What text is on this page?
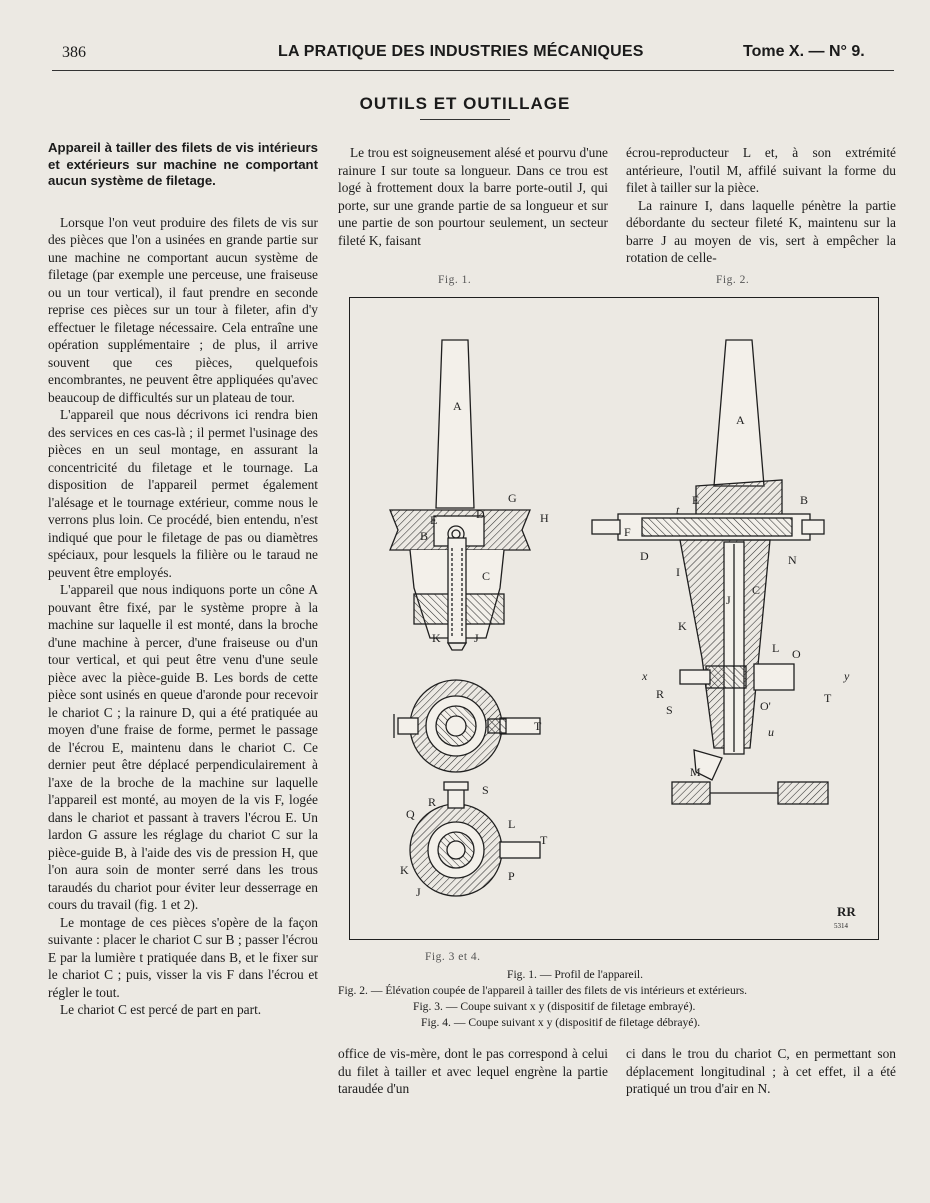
386	LA PRATIQUE DES INDUSTRIES MÉCANIQUES	Tome X. — N° 9.
OUTILS ET OUTILLAGE

Appareil à tailler des filets de vis intérieurs et extérieurs sur machine ne comportant aucun système de filetage.

Lorsque l'on veut produire des filets de vis sur des pièces que l'on a usinées en grande partie sur une machine ne comportant aucun système de filetage (par exemple une perceuse, une fraiseuse ou un tour vertical), il faut prendre en seconde reprise ces pièces sur un tour à fileter, afin d'y effectuer le filetage nécessaire. Cela entraîne une opération supplémentaire ; de plus, il arrive souvent que ces pièces, quelquefois encombrantes, ne peuvent être appliquées qu'avec beaucoup de difficultés sur un plateau de tour.

L'appareil que nous décrivons ici rendra bien des services en ces cas-là ; il permet l'usinage des pièces en un seul montage, en assurant la concentricité du filetage et le tournage. La disposition de l'appareil permet également l'alésage et le tournage extérieur, comme nous le verrons plus loin. Ce procédé, bien entendu, n'est indiqué que pour le filetage de pas ou diamètres spéciaux, pour lesquels la filière ou le taraud ne peuvent être employés.

L'appareil que nous indiquons porte un cône A pouvant être fixé, par le système propre à la machine sur laquelle il est monté, dans la broche d'une machine à percer, d'une fraiseuse ou d'un tour vertical, et qui peut être venu d'une seule pièce avec la pièce-guide B. Les bords de cette pièce sont usinés en queue d'aronde pour recevoir le chariot C ; la rainure D, qui a été pratiquée au moyen d'une fraise de forme, permet le passage de l'écrou E, maintenu dans le chariot C. Ce dernier peut être déplacé perpendiculairement à l'axe de la broche de la machine sur laquelle l'appareil est monté, au moyen de la vis F, logée dans le chariot et passant à travers l'écrou E. Un lardon G assure les réglage du chariot C sur la pièce-guide B, à l'aide des vis de pression H, que l'on aura soin de monter serré dans les trous taraudés du chariot pour éviter leur desserrage en cours du travail (fig. 1 et 2).

Le montage de ces pièces s'opère de la façon suivante : placer le chariot C sur B ; passer l'écrou E par la lumière t pratiquée dans B, et le fixer sur le chariot C ; puis, visser la vis F dans l'écrou et régler le tout.

Le chariot C est percé de part en part.

Le trou est soigneusement alésé et pourvu d'une rainure I sur toute sa longueur. Dans ce trou est logé à frottement doux la barre porte-outil J, qui porte, sur une grande partie de sa longueur et sur une partie de son pourtour seulement, un secteur fileté K, faisant

écrou-reproducteur L et, à son extrémité antérieure, l'outil M, affilé suivant la forme du filet à tailler sur la pièce.

La rainure I, dans laquelle pénètre la partie débordante du secteur fileté K, maintenu sur la barre J au moyen de vis, sert à empêcher la rotation de celle-

Fig. 1.	Fig. 2.
A
B
C
D
E
G
H
K	J
T
S
R
Q
L
T
K	P
J
A
E	B
t
F
D	N
I
C
J
K
L O
x	y
R	T
S	O'
u
M
RR
5314
Fig. 3 et 4.
Fig. 1. — Profil de l'appareil.
Fig. 2. — Élévation coupée de l'appareil à tailler des filets de vis intérieurs et extérieurs.
Fig. 3. — Coupe suivant x y (dispositif de filetage embrayé).
Fig. 4. — Coupe suivant x y (dispositif de filetage débrayé).

office de vis-mère, dont le pas correspond à celui du filet à tailler et avec lequel engrène la partie taraudée d'un

ci dans le trou du chariot C, en permettant son déplacement longitudinal ; à cet effet, il a été pratiqué un trou d'air en N.
